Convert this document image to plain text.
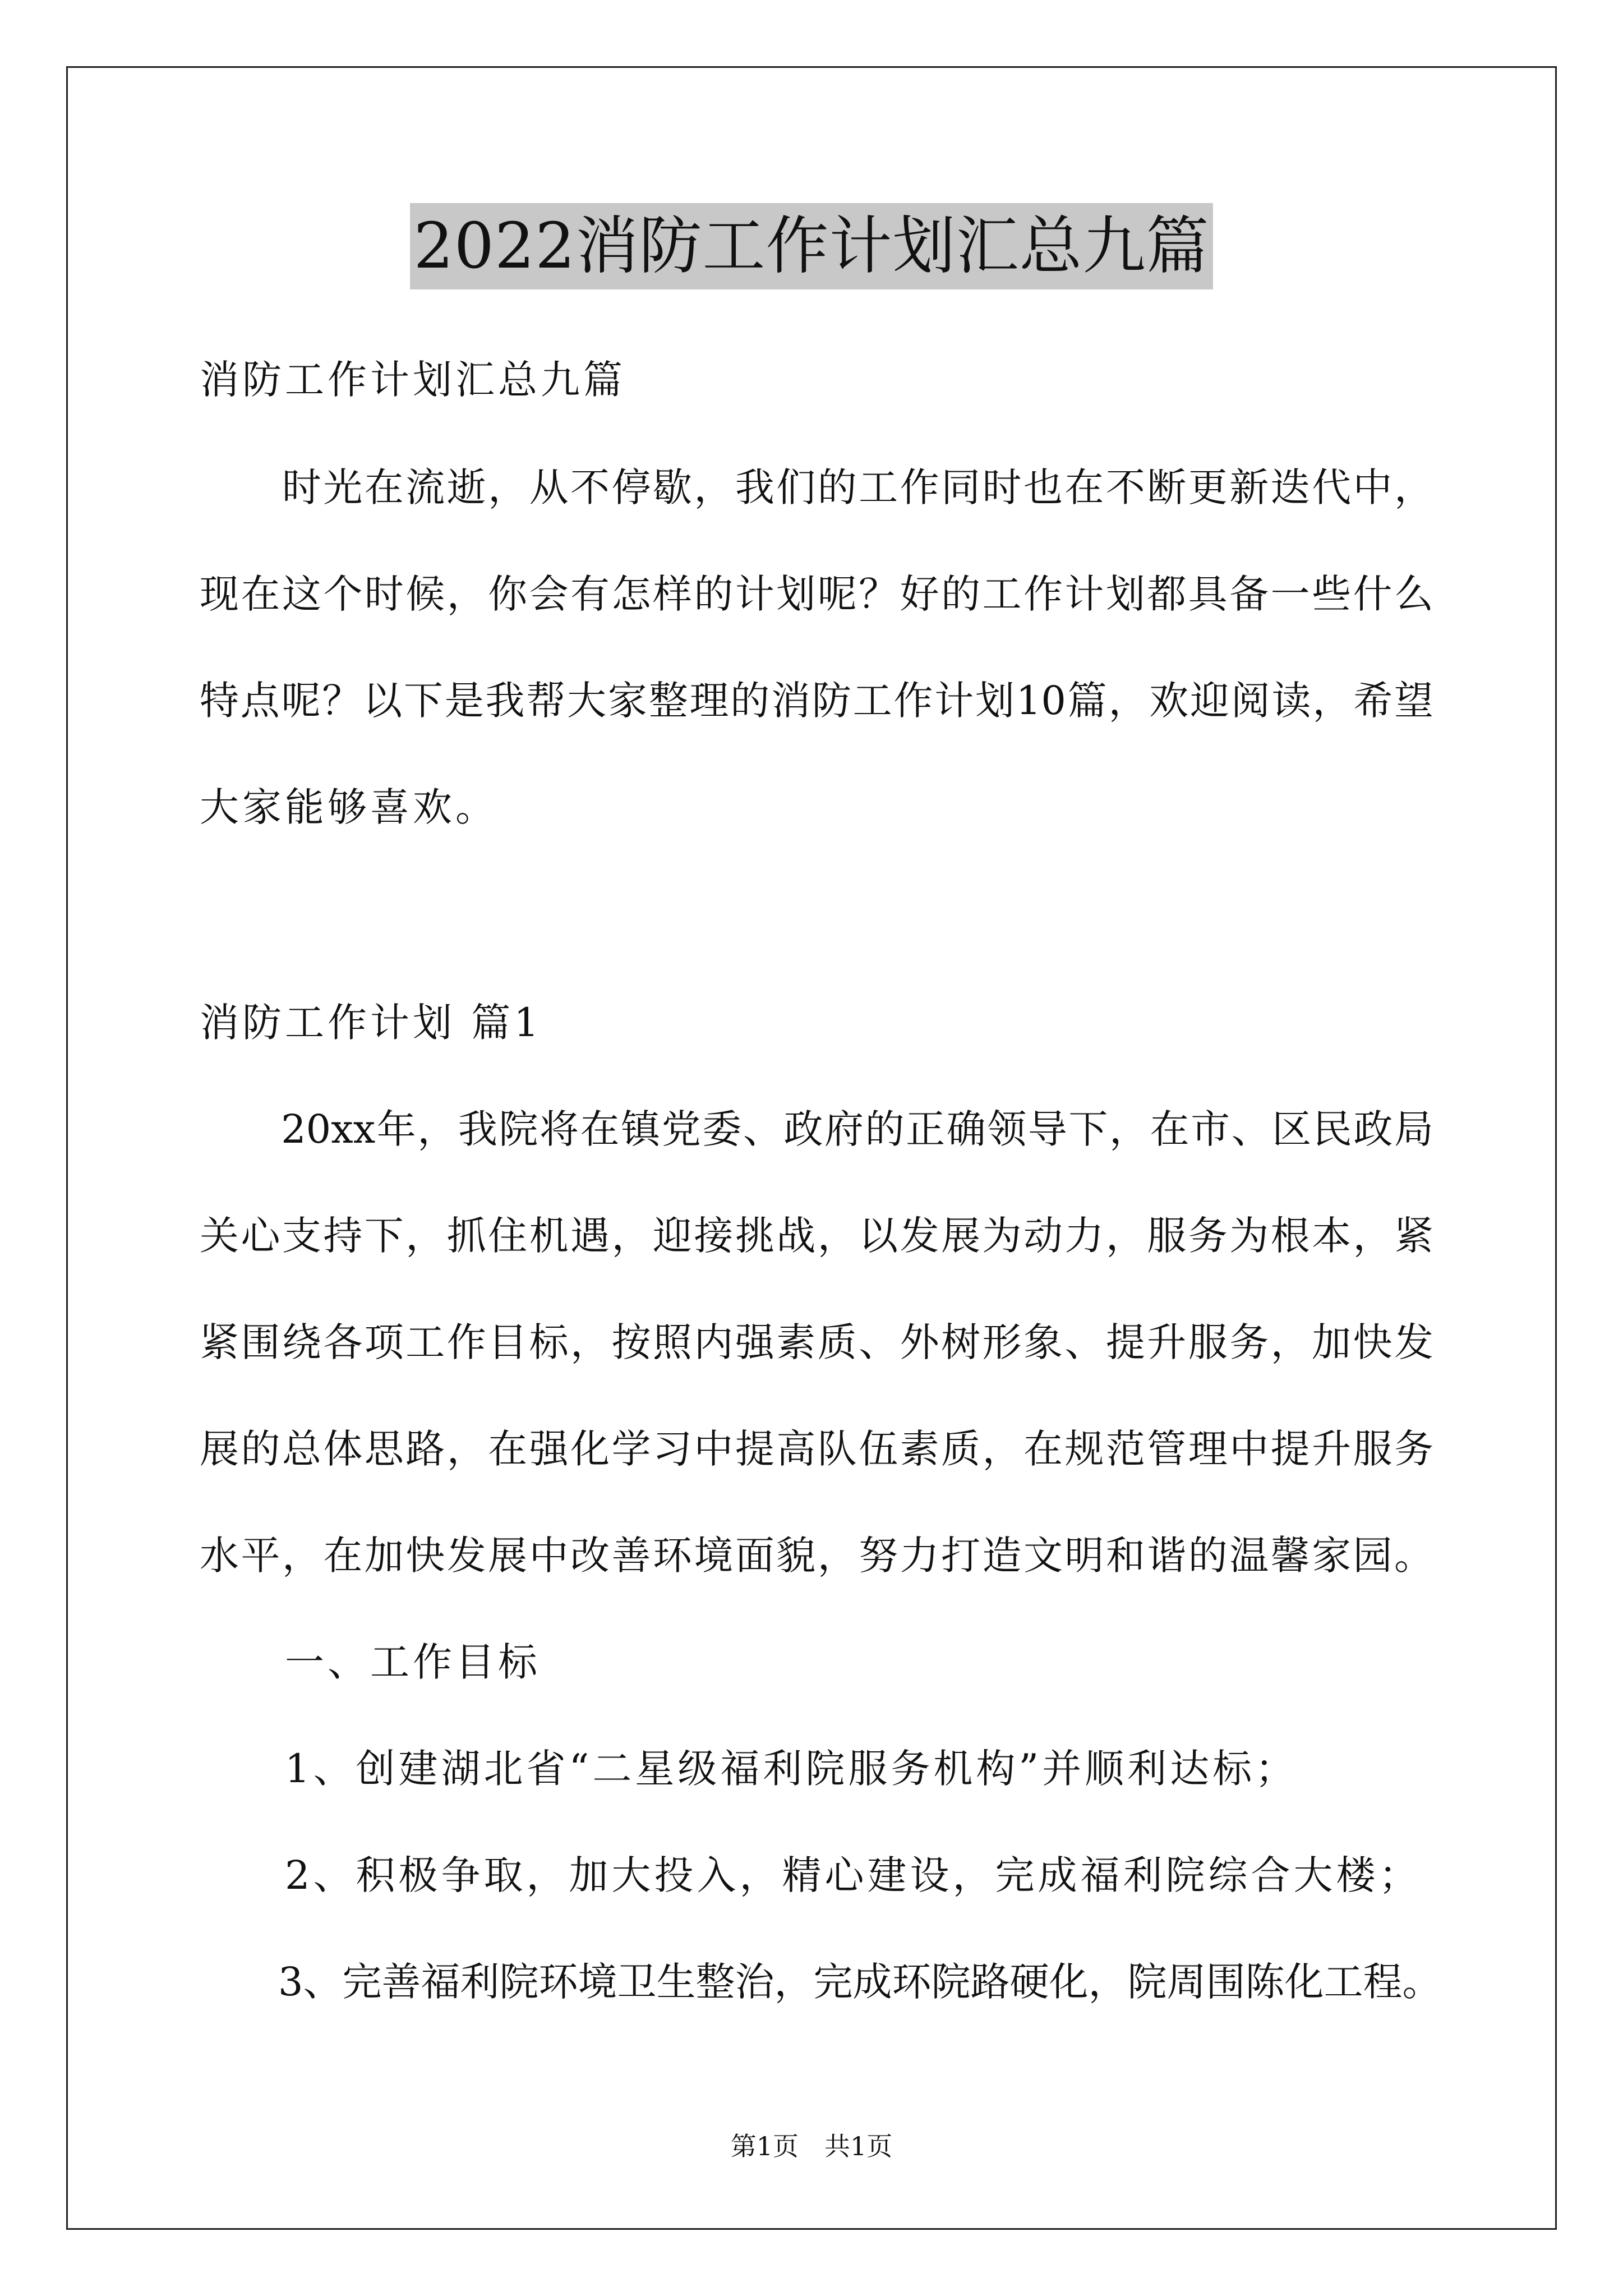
2022消防工作计划汇总九篇
消防工作计划汇总九篇
　　时光在流逝，从不停歇，我们的工作同时也在不断更新迭代中，
现在这个时候，你会有怎样的计划呢？好的工作计划都具备一些什么
特点呢？以下是我帮大家整理的消防工作计划10篇，欢迎阅读，希望
大家能够喜欢。
消防工作计划 篇1
　　20xx年，我院将在镇党委、政府的正确领导下，在市、区民政局
关心支持下，抓住机遇，迎接挑战，以发展为动力，服务为根本，紧
紧围绕各项工作目标，按照内强素质、外树形象、提升服务，加快发
展的总体思路，在强化学习中提高队伍素质，在规范管理中提升服务
水平，在加快发展中改善环境面貌，努力打造文明和谐的温馨家园。
　　一、工作目标
　　1、创建湖北省“二星级福利院服务机构”并顺利达标；
　　2、积极争取，加大投入，精心建设，完成福利院综合大楼；
　　3、完善福利院环境卫生整治，完成环院路硬化，院周围陈化工程。
第1页　共1页
